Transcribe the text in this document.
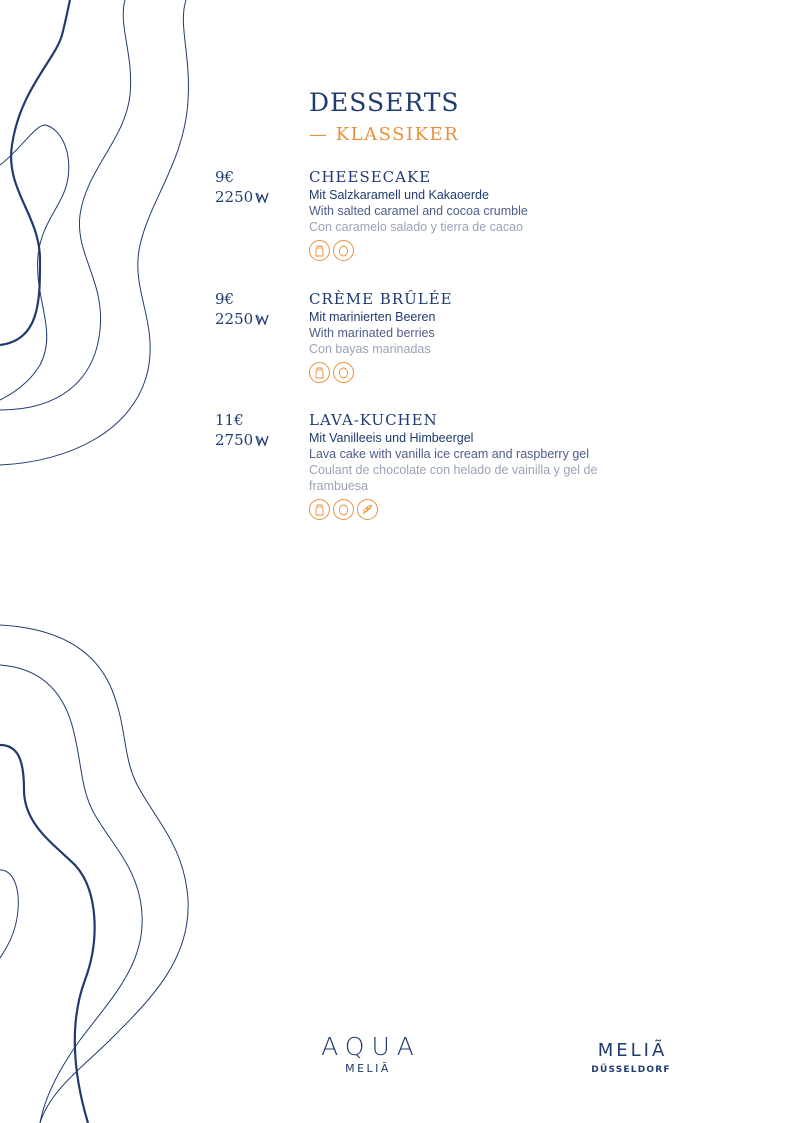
DESSERTS
— KLASSIKER
9€
2250
CHEESECAKE
Mit Salzkaramell und Kakaoerde
With salted caramel and cocoa crumble
Con caramelo salado y tierra de cacao
9€
2250
CRÈME BRÛLÉE
Mit marinierten Beeren
With marinated berries
Con bayas marinadas
11€
2750
LAVA-KUCHEN
Mit Vanilleeis und Himbeergel
Lava cake with vanilla ice cream and raspberry gel
Coulant de chocolate con helado de vainilla y gel de frambuesa
AQUA
MELIÃ
MELIÃ
DÜSSELDORF
